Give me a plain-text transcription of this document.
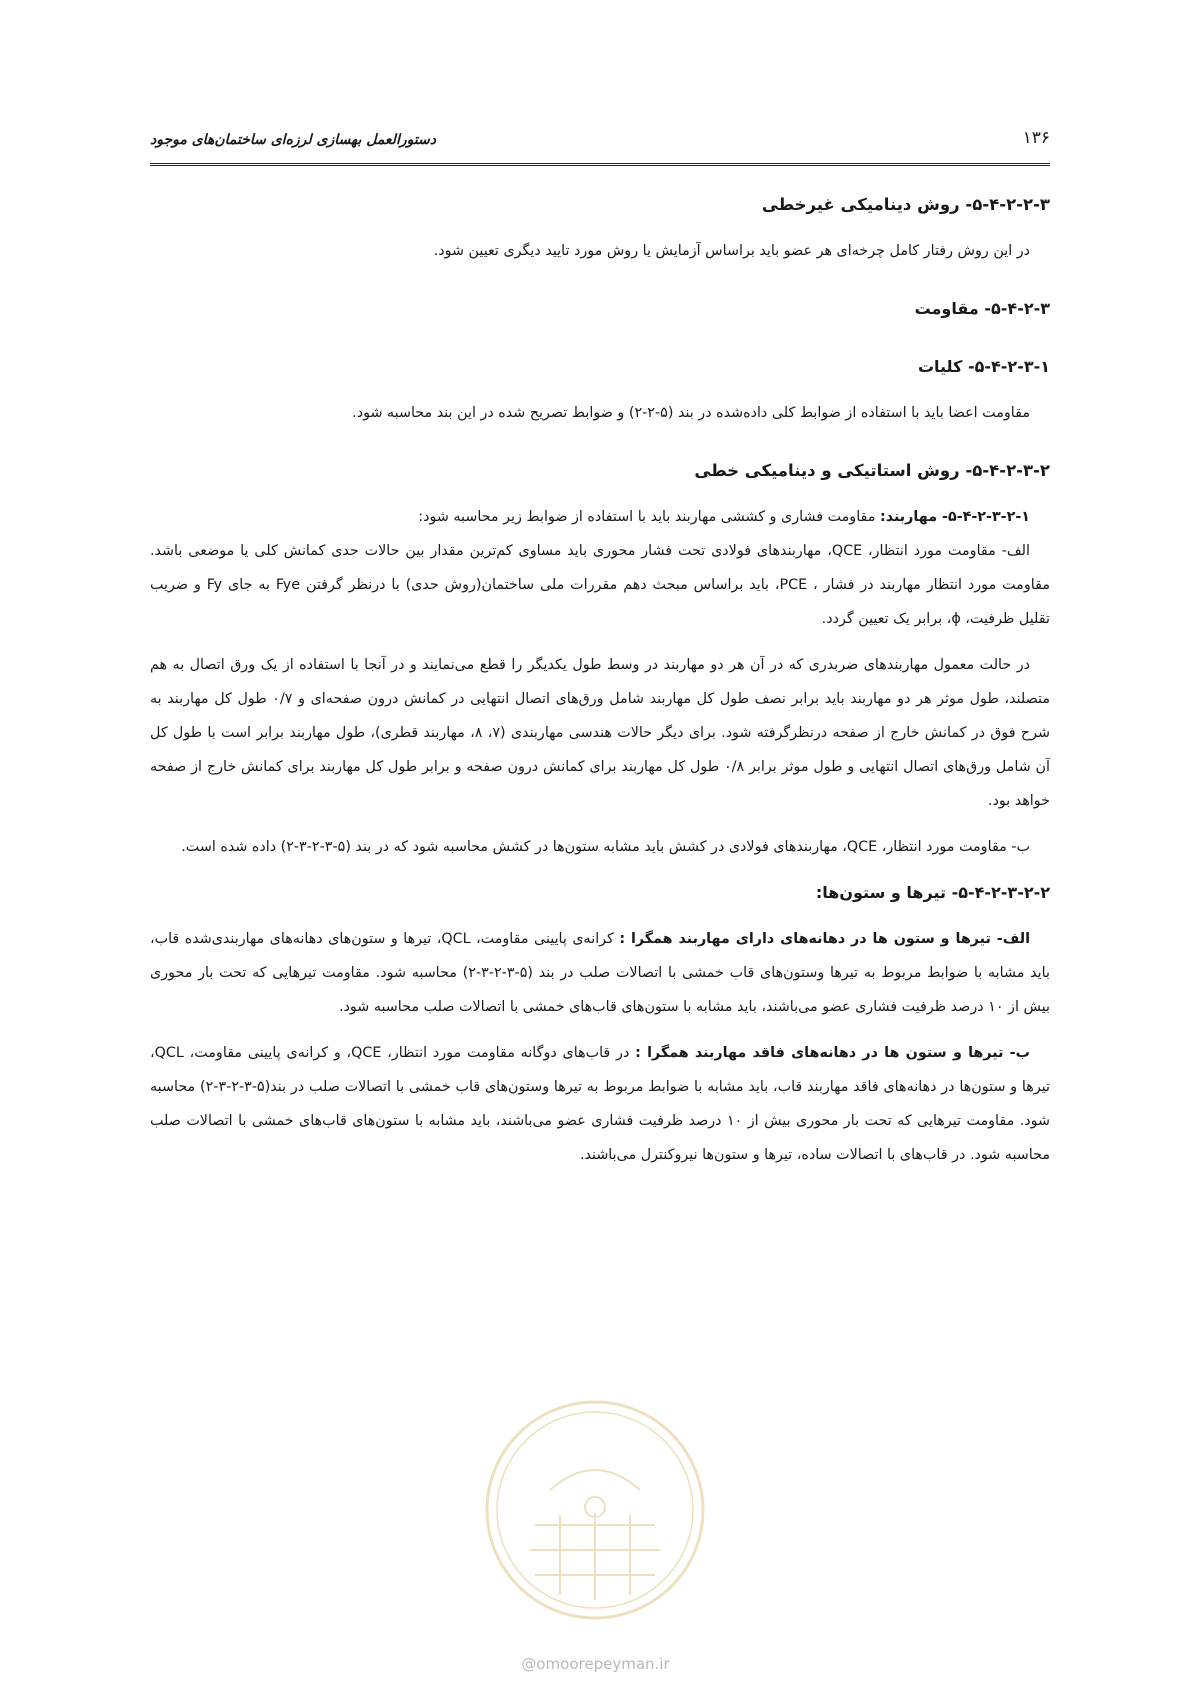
دستورالعمل بهسازی لرزه‌ای ساختمان‌های موجود	۱۳۶

۵-۴-۲-۲-۳- روش دینامیکی غیرخطی

در این روش رفتار کامل چرخه‌ای هر عضو باید براساس آزمایش یا روش مورد تایید دیگری تعیین شود.

۵-۴-۲-۳- مقاومت

۵-۴-۲-۳-۱- کلیات

مقاومت اعضا باید با استفاده از ضوابط کلی داده‌شده در بند (۵-۲-۲) و ضوابط تصریح شده در این بند محاسبه شود.

۵-۴-۲-۳-۲- روش استاتیکی و دینامیکی خطی

۵-۴-۲-۳-۲-۱- مهاربند: مقاومت فشاری و کششی مهاربند باید با استفاده از ضوابط زیر محاسبه شود:

الف- مقاومت مورد انتظار، QCE، مهاربندهای فولادی تحت فشار محوری باید مساوی کم‌ترین مقدار بین حالات حدی کمانش کلی یا موضعی باشد. مقاومت مورد انتظار مهاربند در فشار ، PCE، باید براساس مبحث دهم مقررات ملی ساختمان(روش حدی) با درنظر گرفتن Fye به جای Fy و ضریب تقلیل ظرفیت، ϕ، برابر یک تعیین گردد.

در حالت معمول مهاربندهای ضربدری که در آن هر دو مهاربند در وسط طول یکدیگر را قطع می‌نمایند و در آنجا با استفاده از یک ورق اتصال به هم متصلند، طول موثر هر دو مهاربند باید برابر نصف طول کل مهاربند شامل ورق‌های اتصال انتهایی در کمانش درون صفحه‌ای و ۰/۷ طول کل مهاربند به شرح فوق در کمانش خارج از صفحه درنظرگرفته شود. برای دیگر حالات هندسی مهاربندی (۷، ۸، مهاربند قطری)، طول مهاربند برابر است با طول کل آن شامل ورق‌های اتصال انتهایی و طول موثر برابر ۰/۸ طول کل مهاربند برای کمانش درون صفحه و برابر طول کل مهاربند برای کمانش خارج از صفحه خواهد بود.

ب- مقاومت مورد انتظار، QCE، مهاربندهای فولادی در کشش باید مشابه ستون‌ها در کشش محاسبه شود که در بند (۵-۳-۲-۳-۲) داده شده است.

۵-۴-۲-۳-۲-۲- تیرها و ستون‌ها:

الف- تیرها و ستون ها در دهانه‌های دارای مهاربند همگرا : کرانه‌ی پایینی مقاومت، QCL، تیرها و ستون‌های دهانه‌های مهاربندی‌شده قاب، باید مشابه با ضوابط مربوط به تیرها وستون‌های قاب خمشی با اتصالات صلب در بند (۵-۳-۲-۳-۲) محاسبه شود. مقاومت تیرهایی که تحت بار محوری بیش از ۱۰ درصد ظرفیت فشاری عضو می‌باشند، باید مشابه با ستون‌های قاب‌های خمشی با اتصالات صلب محاسبه شود.

ب- تیرها و ستون ها در دهانه‌های فاقد مهاربند همگرا : در قاب‌های دوگانه مقاومت مورد انتظار، QCE، و کرانه‌ی پایینی مقاومت، QCL، تیرها و ستون‌ها در دهانه‌های فاقد مهاربند قاب، باید مشابه با ضوابط مربوط به تیرها وستون‌های قاب خمشی با اتصالات صلب در بند(۵-۳-۲-۳-۲) محاسبه شود. مقاومت تیرهایی که تحت بار محوری بیش از ۱۰ درصد ظرفیت فشاری عضو می‌باشند، باید مشابه با ستون‌های قاب‌های خمشی با اتصالات صلب محاسبه شود. در قاب‌های با اتصالات ساده، تیرها و ستون‌ها نیروکنترل می‌باشند.

@omoorepeyman.ir
